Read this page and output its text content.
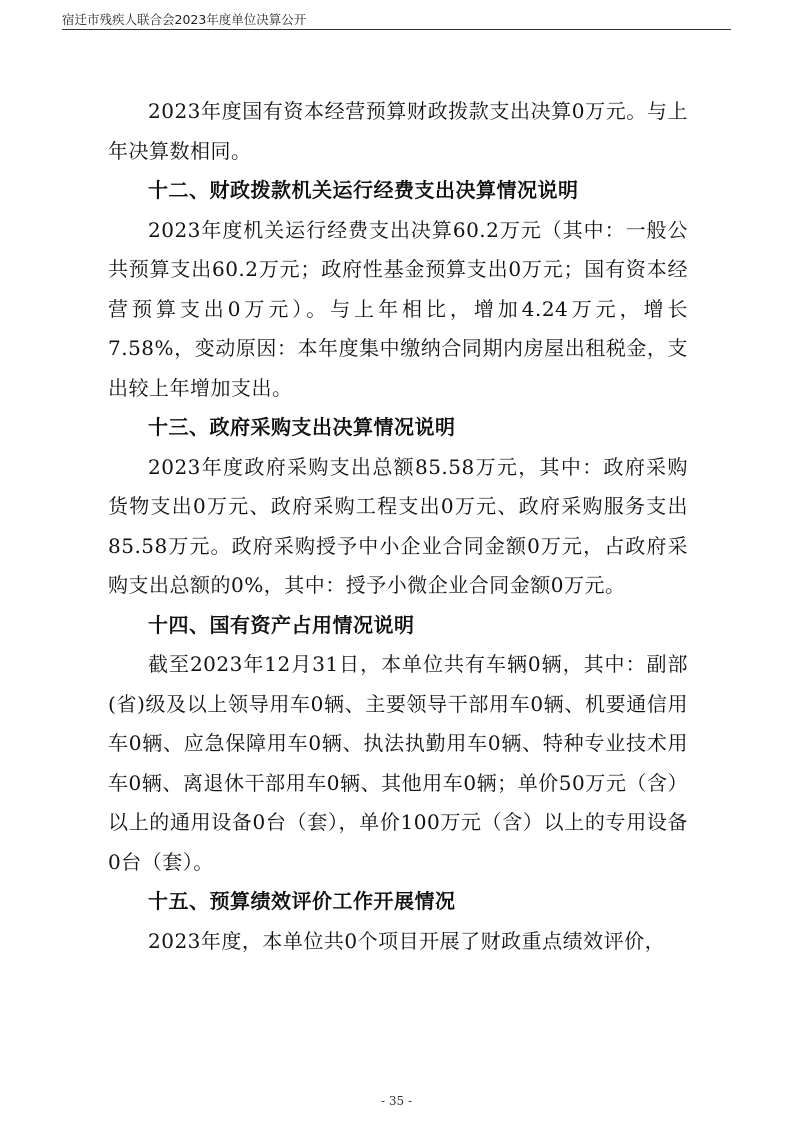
宿迁市残疾人联合会2023年度单位决算公开

2023年度国有资本经营预算财政拨款支出决算0万元。与上年决算数相同。

十二、财政拨款机关运行经费支出决算情况说明

2023年度机关运行经费支出决算60.2万元（其中：一般公共预算支出60.2万元；政府性基金预算支出0万元；国有资本经营预算支出0万元）。与上年相比，增加4.24万元，增长7.58%，变动原因：本年度集中缴纳合同期内房屋出租税金，支出较上年增加支出。

十三、政府采购支出决算情况说明

2023年度政府采购支出总额85.58万元，其中：政府采购货物支出0万元、政府采购工程支出0万元、政府采购服务支出85.58万元。政府采购授予中小企业合同金额0万元，占政府采购支出总额的0%，其中：授予小微企业合同金额0万元。

十四、国有资产占用情况说明

截至2023年12月31日，本单位共有车辆0辆，其中：副部(省)级及以上领导用车0辆、主要领导干部用车0辆、机要通信用车0辆、应急保障用车0辆、执法执勤用车0辆、特种专业技术用车0辆、离退休干部用车0辆、其他用车0辆；单价50万元（含）以上的通用设备0台（套），单价100万元（含）以上的专用设备0台（套）。

十五、预算绩效评价工作开展情况

2023年度，本单位共0个项目开展了财政重点绩效评价，

- 35 -
